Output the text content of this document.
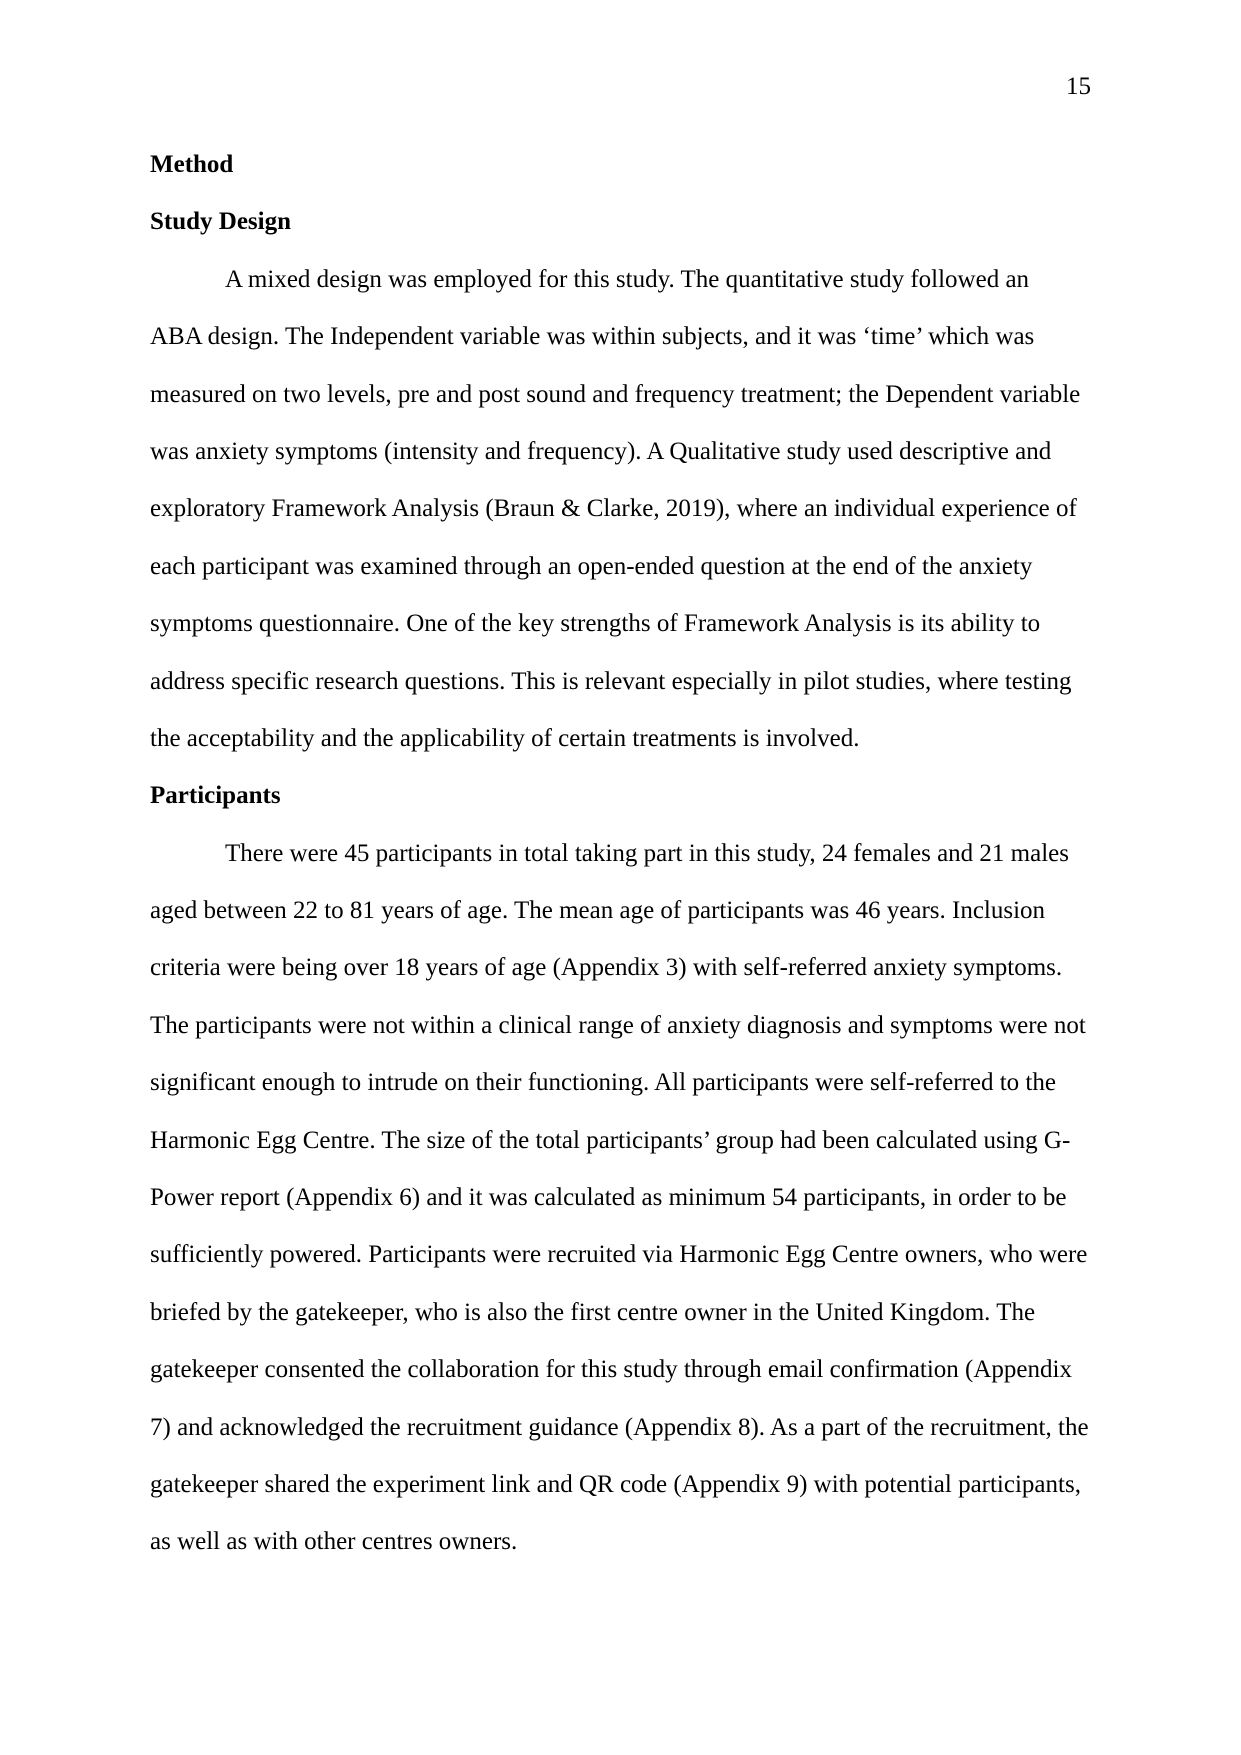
15
Method
Study Design
A mixed design was employed for this study. The quantitative study followed an
ABA design. The Independent variable was within subjects, and it was ‘time’ which was
measured on two levels, pre and post sound and frequency treatment; the Dependent variable
was anxiety symptoms (intensity and frequency). A Qualitative study used descriptive and
exploratory Framework Analysis (Braun & Clarke, 2019), where an individual experience of
each participant was examined through an open-ended question at the end of the anxiety
symptoms questionnaire. One of the key strengths of Framework Analysis is its ability to
address specific research questions. This is relevant especially in pilot studies, where testing
the acceptability and the applicability of certain treatments is involved.
Participants
There were 45 participants in total taking part in this study, 24 females and 21 males
aged between 22 to 81 years of age. The mean age of participants was 46 years. Inclusion
criteria were being over 18 years of age (Appendix 3) with self-referred anxiety symptoms.
The participants were not within a clinical range of anxiety diagnosis and symptoms were not
significant enough to intrude on their functioning. All participants were self-referred to the
Harmonic Egg Centre. The size of the total participants’ group had been calculated using G-
Power report (Appendix 6) and it was calculated as minimum 54 participants, in order to be
sufficiently powered. Participants were recruited via Harmonic Egg Centre owners, who were
briefed by the gatekeeper, who is also the first centre owner in the United Kingdom. The
gatekeeper consented the collaboration for this study through email confirmation (Appendix
7) and acknowledged the recruitment guidance (Appendix 8). As a part of the recruitment, the
gatekeeper shared the experiment link and QR code (Appendix 9) with potential participants,
as well as with other centres owners.
